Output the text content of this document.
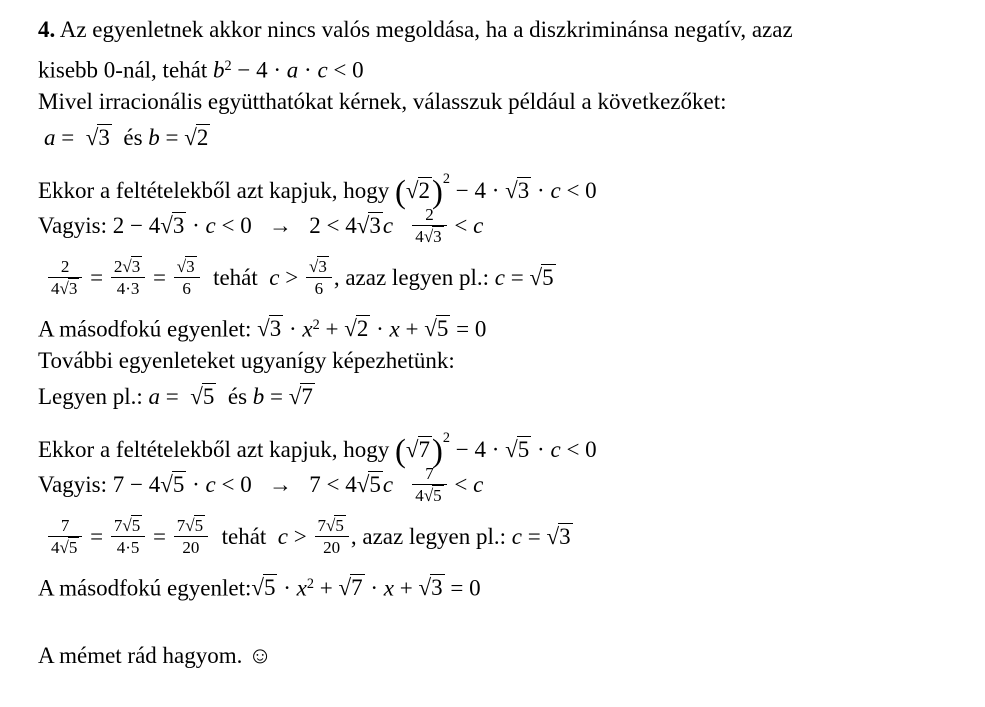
4. Az egyenletnek akkor nincs valós megoldása, ha a diszkriminánsa negatív, azaz
kisebb 0-nál, tehát $b^2 - 4 \cdot a \cdot c < 0$
Mivel irracionális együtthatókat kérnek, válasszuk például a következőket:
a =  √3  és b = √2
Ekkor a feltételekből azt kapjuk, hogy $(√2)^2 - 4 \cdot √3 \cdot c < 0$
Vagyis: $2 - 4√3 \cdot c < 0 \to 2 < 4√3c \frac{2}{4√3} < c$
$\frac{2}{4√3} = \frac{2√3}{4\cdot 3} = \frac{√3}{6}$ tehát  $c > \frac{√3}{6}$ , azaz legyen pl.: c = √5
A másodfokú egyenlet: $√3 \cdot x^2 + √2 \cdot x + √5 = 0$
További egyenleteket ugyanígy képezhetünk:
Legyen pl.: a =  √5  és b = √7
Ekkor a feltételekből azt kapjuk, hogy $(√7)^2 - 4 \cdot √5 \cdot c < 0$
Vagyis: $7 - 4√5 \cdot c < 0 \to 7 < 4√5c \frac{7}{4√5} < c$
$\frac{7}{4√5} = \frac{7√5}{4\cdot 5} = \frac{7√5}{20}$ tehát  $c > \frac{7√5}{20}$ , azaz legyen pl.: c = √3
A másodfokú egyenlet:√5 · $x^2 + √7 \cdot x + √3 = 0$
A mémet rád hagyom. ☺
